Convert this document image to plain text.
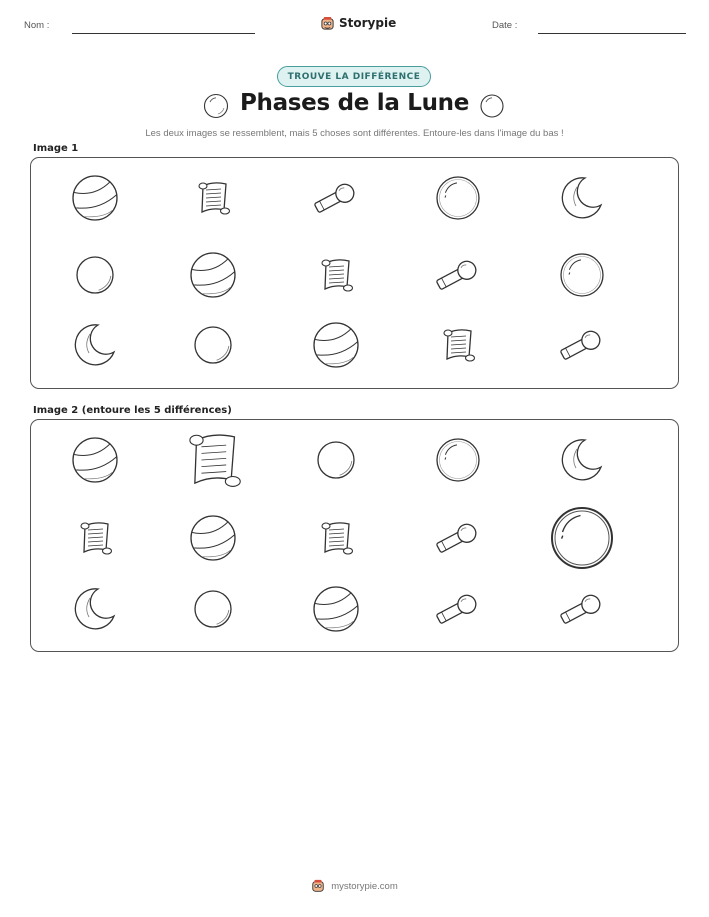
Nom :	Storypie	Date :
TROUVE LA DIFFÉRENCE
Phases de la Lune
Les deux images se ressemblent, mais 5 choses sont différentes. Entoure-les dans l'image du bas !
Image 1
Image 2 (entoure les 5 différences)
mystorypie.com
